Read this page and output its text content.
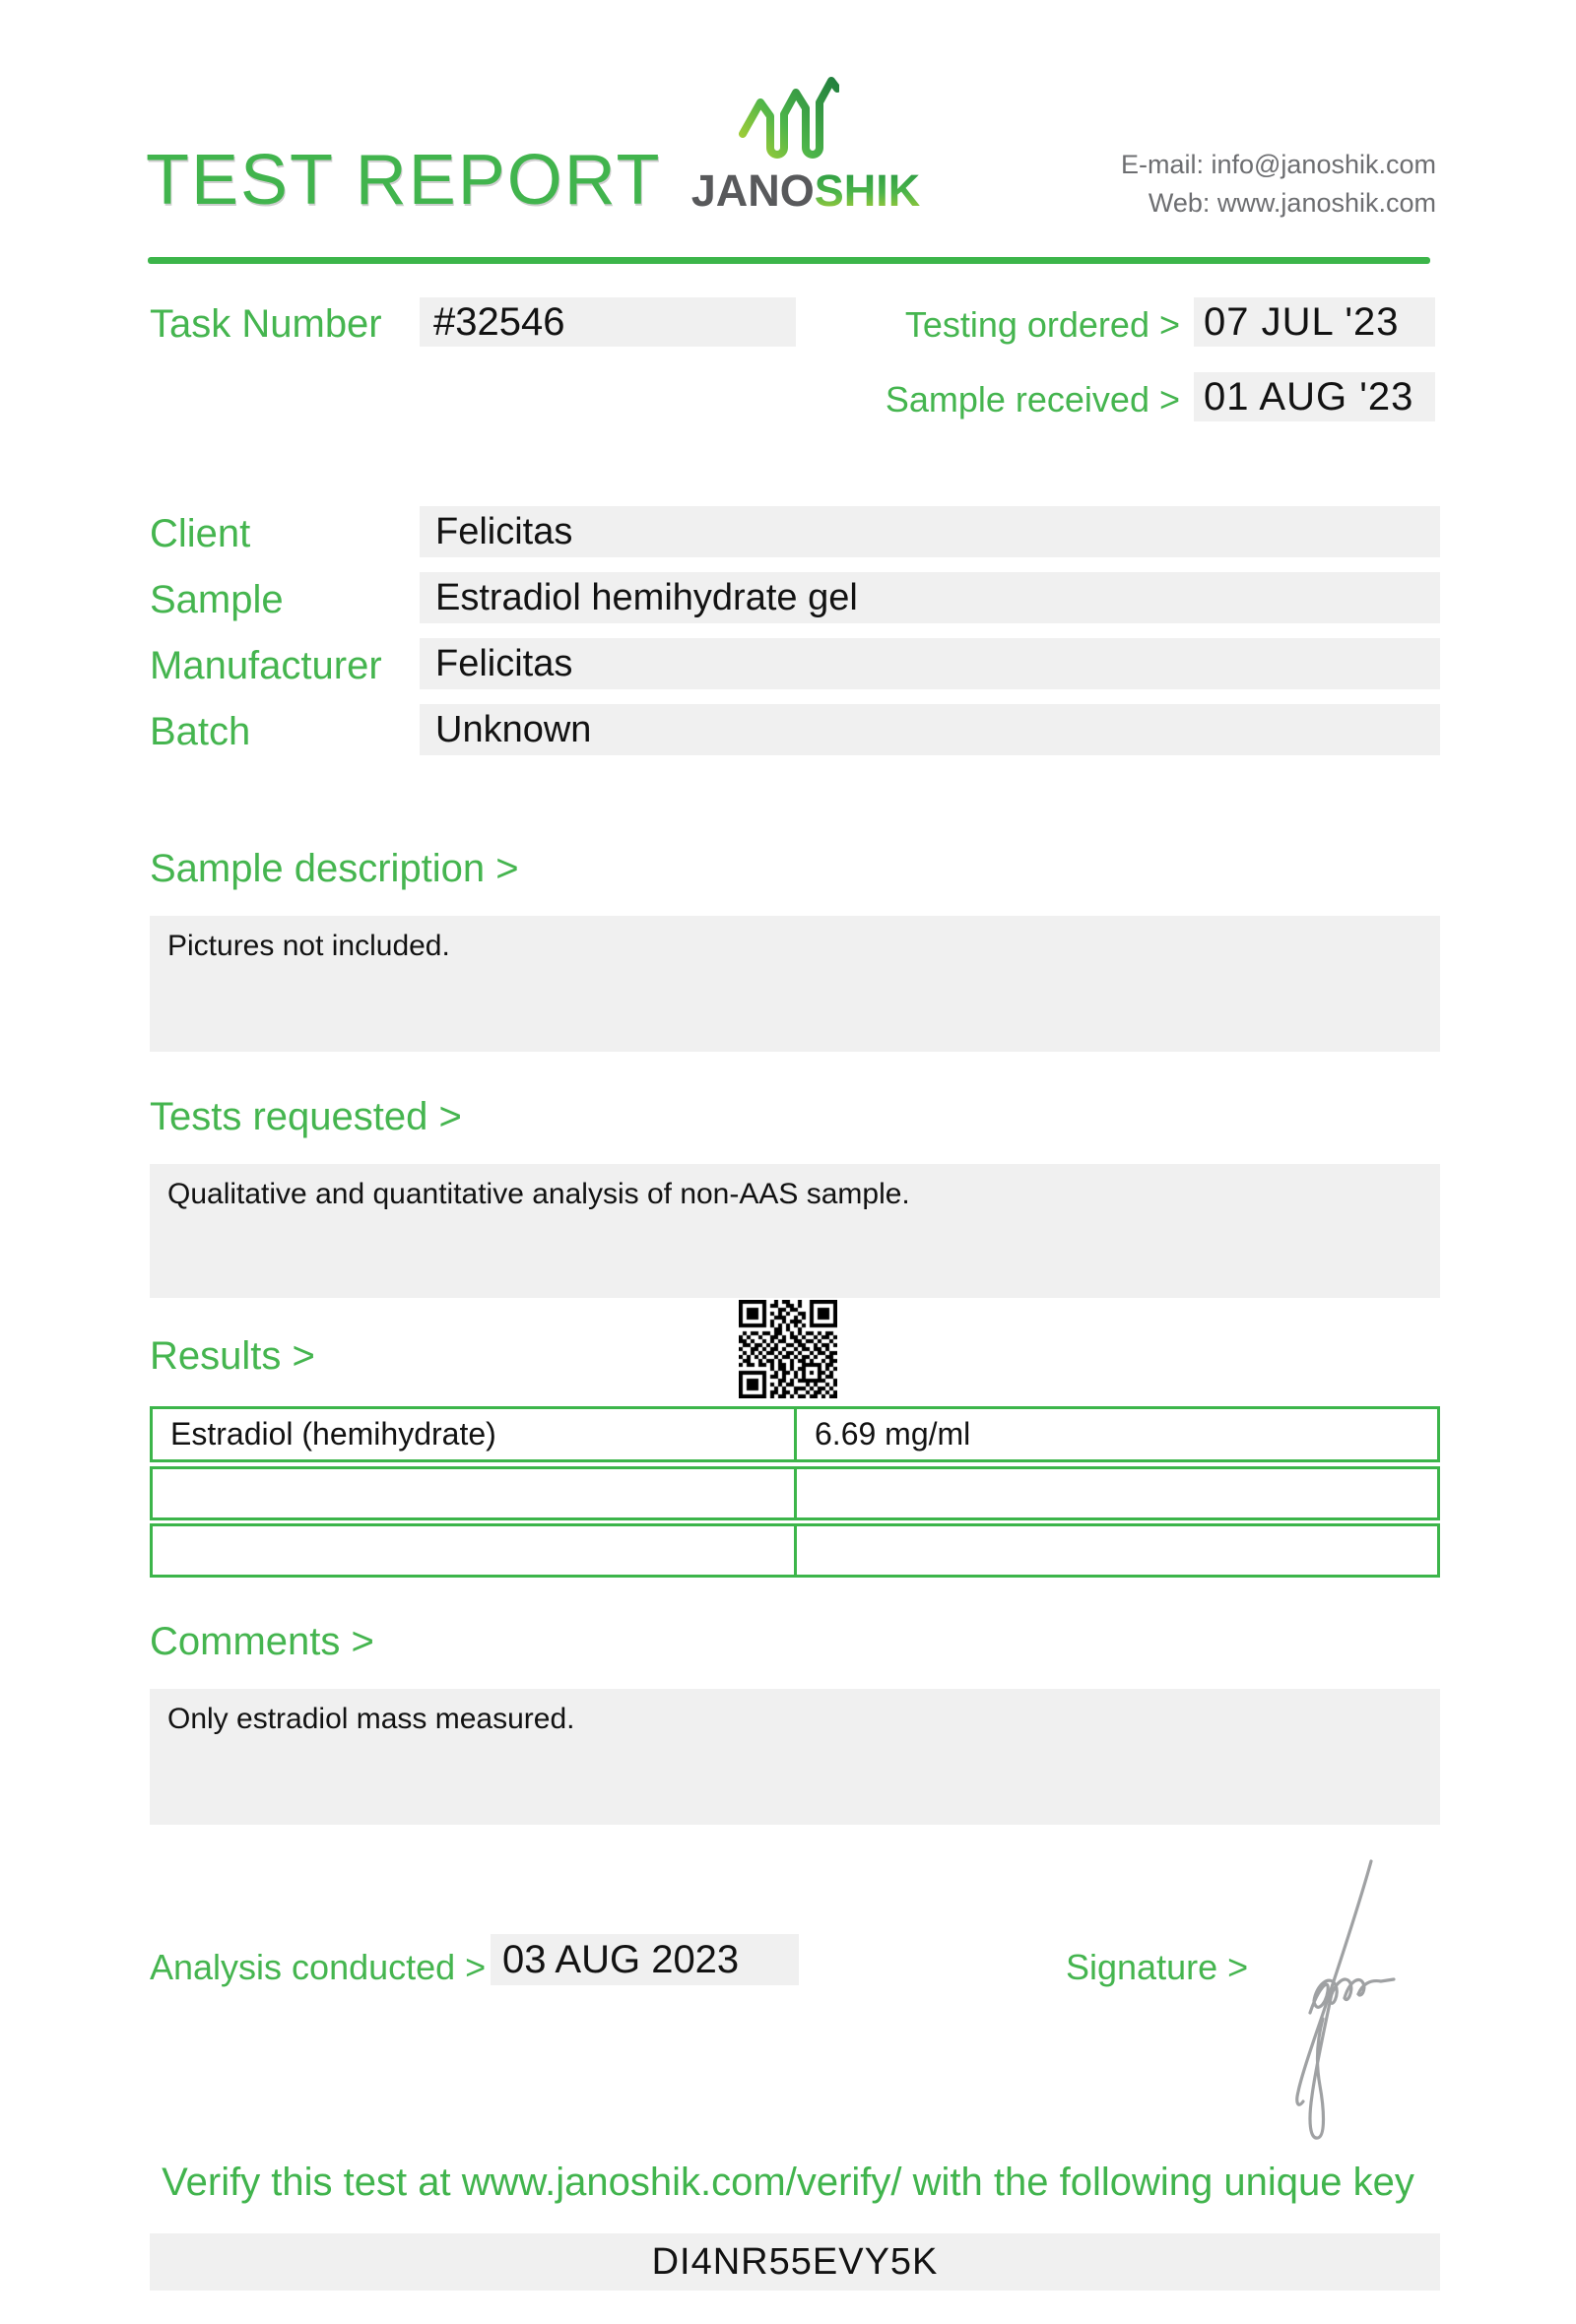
TEST REPORT JANOSHIK
E-mail: info@janoshik.com
Web: www.janoshik.com
Task Number	#32546	Testing ordered > 07 JUL '23
Sample received > 01 AUG '23
Client	Felicitas
Sample	Estradiol hemihydrate gel
Manufacturer	Felicitas
Batch	Unknown
Sample description >
Pictures not included.
Tests requested >
Qualitative and quantitative analysis of non-AAS sample.
Results >
Estradiol (hemihydrate)	6.69 mg/ml
Comments >
Only estradiol mass measured.
Analysis conducted > 03 AUG 2023	Signature >
Verify this test at www.janoshik.com/verify/ with the following unique key
DI4NR55EVY5K
